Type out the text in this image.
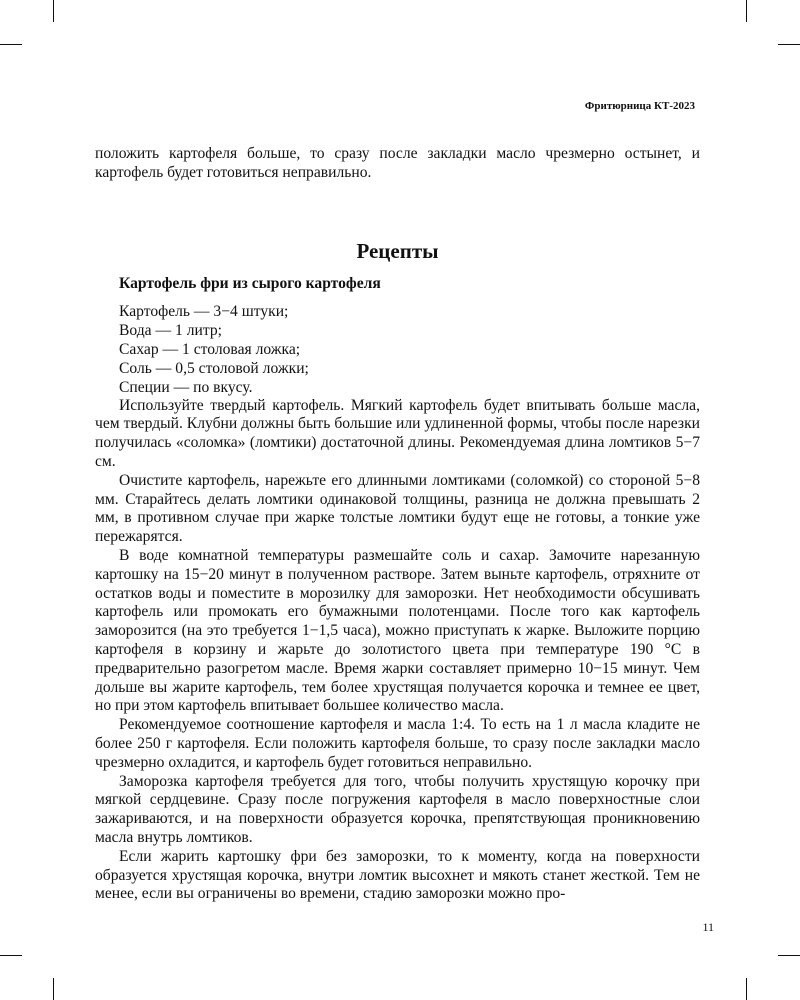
Фритюрница КТ-2023

положить картофеля больше, то сразу после закладки масло чрезмерно остынет, и картофель будет готовиться неправильно.

Рецепты
Картофель фри из сырого картофеля
Картофель — 3−4 штуки;
Вода — 1 литр;
Сахар — 1 столовая ложка;
Соль — 0,5 столовой ложки;
Специи — по вкусу.

Используйте твердый картофель. Мягкий картофель будет впитывать больше масла, чем твердый. Клубни должны быть большие или удлиненной формы, чтобы после нарезки получилась «соломка» (ломтики) достаточной длины. Рекомендуемая длина ломтиков 5−7 см.

Очистите картофель, нарежьте его длинными ломтиками (соломкой) со стороной 5−8 мм. Старайтесь делать ломтики одинаковой толщины, разница не должна превышать 2 мм, в противном случае при жарке толстые ломтики будут еще не готовы, а тонкие уже пережарятся.

В воде комнатной температуры размешайте соль и сахар. Замочите нарезанную картошку на 15−20 минут в полученном растворе. Затем выньте картофель, отряхните от остатков воды и поместите в морозилку для заморозки. Нет необходимости обсушивать картофель или промокать его бумажными полотенцами. После того как картофель заморозится (на это требуется 1−1,5 часа), можно приступать к жарке. Выложите порцию картофеля в корзину и жарьте до золотистого цвета при температуре 190 °С в предварительно разогретом масле. Время жарки составляет примерно 10−15 минут. Чем дольше вы жарите картофель, тем более хрустящая получается корочка и темнее ее цвет, но при этом картофель впитывает большее количество масла.

Рекомендуемое соотношение картофеля и масла 1:4. То есть на 1 л масла кладите не более 250 г картофеля. Если положить картофеля больше, то сразу после закладки масло чрезмерно охладится, и картофель будет готовиться неправильно.

Заморозка картофеля требуется для того, чтобы получить хрустящую корочку при мягкой сердцевине. Сразу после погружения картофеля в масло поверхностные слои зажариваются, и на поверхности образуется корочка, препятствующая проникновению масла внутрь ломтиков.

Если жарить картошку фри без заморозки, то к моменту, когда на поверхности образуется хрустящая корочка, внутри ломтик высохнет и мякоть станет жесткой. Тем не менее, если вы ограничены во времени, стадию заморозки можно про-

11
